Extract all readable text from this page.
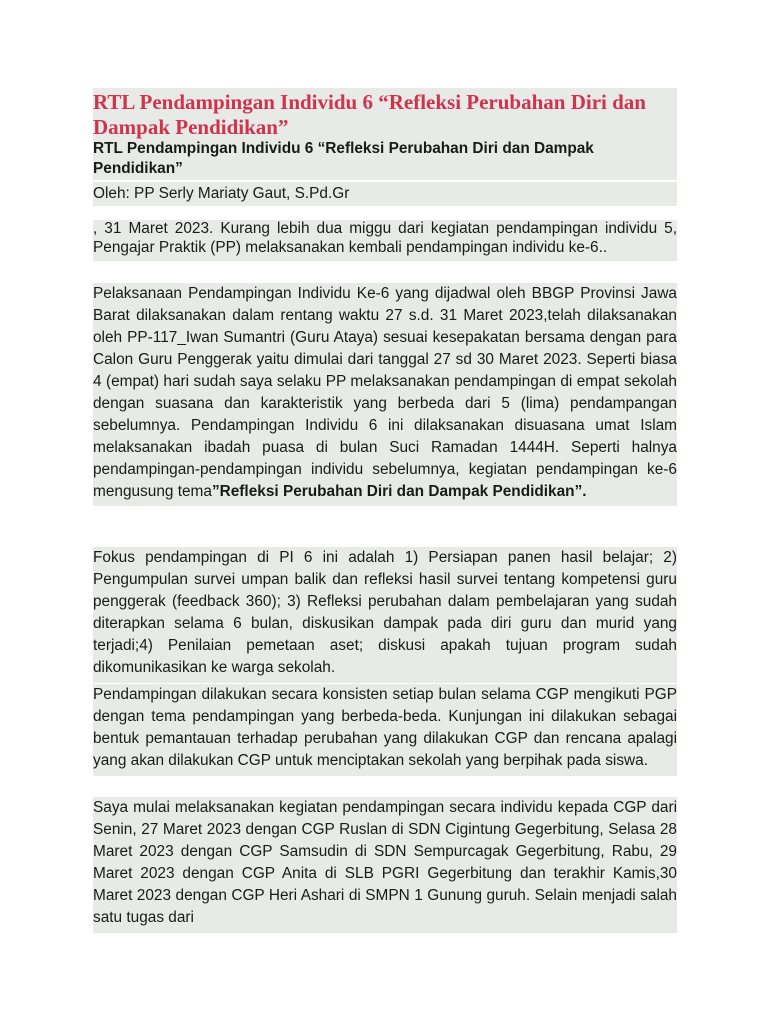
RTL Pendampingan Individu 6 “Refleksi Perubahan Diri dan Dampak Pendidikan”
RTL Pendampingan Individu 6 “Refleksi Perubahan Diri dan Dampak Pendidikan”
Oleh: PP Serly Mariaty Gaut, S.Pd.Gr

, 31 Maret 2023. Kurang lebih dua miggu dari kegiatan pendampingan individu 5, Pengajar Praktik (PP) melaksanakan kembali pendampingan individu ke-6..

Pelaksanaan Pendampingan Individu Ke-6 yang dijadwal oleh BBGP Provinsi Jawa Barat dilaksanakan dalam rentang waktu 27 s.d. 31 Maret 2023,telah dilaksanakan oleh PP-117_Iwan Sumantri (Guru Ataya) sesuai kesepakatan bersama dengan para Calon Guru Penggerak yaitu dimulai dari tanggal 27 sd 30 Maret 2023. Seperti biasa 4 (empat) hari sudah saya selaku PP melaksanakan pendampingan di empat sekolah dengan suasana dan karakteristik yang berbeda dari 5 (lima) pendampangan sebelumnya. Pendampingan Individu 6 ini dilaksanakan disuasana umat Islam melaksanakan ibadah puasa di bulan Suci Ramadan 1444H. Seperti halnya pendampingan-pendampingan individu sebelumnya, kegiatan pendampingan ke-6 mengusung tema”Refleksi Perubahan Diri dan Dampak Pendidikan”.

Fokus pendampingan di PI 6 ini adalah 1) Persiapan panen hasil belajar; 2) Pengumpulan survei umpan balik dan refleksi hasil survei tentang kompetensi guru penggerak (feedback 360); 3) Refleksi perubahan dalam pembelajaran yang sudah diterapkan selama 6 bulan, diskusikan dampak pada diri guru dan murid yang terjadi;4) Penilaian pemetaan aset; diskusi apakah tujuan program sudah dikomunikasikan ke warga sekolah.

Pendampingan dilakukan secara konsisten setiap bulan selama CGP mengikuti PGP dengan tema pendampingan yang berbeda-beda. Kunjungan ini dilakukan sebagai bentuk pemantauan terhadap perubahan yang dilakukan CGP dan rencana apalagi yang akan dilakukan CGP untuk menciptakan sekolah yang berpihak pada siswa.

Saya mulai melaksanakan kegiatan pendampingan secara individu kepada CGP dari Senin, 27 Maret 2023 dengan CGP Ruslan di SDN Cigintung Gegerbitung, Selasa 28 Maret 2023 dengan CGP Samsudin di SDN Sempurcagak Gegerbitung, Rabu, 29 Maret 2023 dengan CGP Anita di SLB PGRI Gegerbitung dan terakhir Kamis,30 Maret 2023 dengan CGP Heri Ashari di SMPN 1 Gunung guruh. Selain menjadi salah satu tugas dari
